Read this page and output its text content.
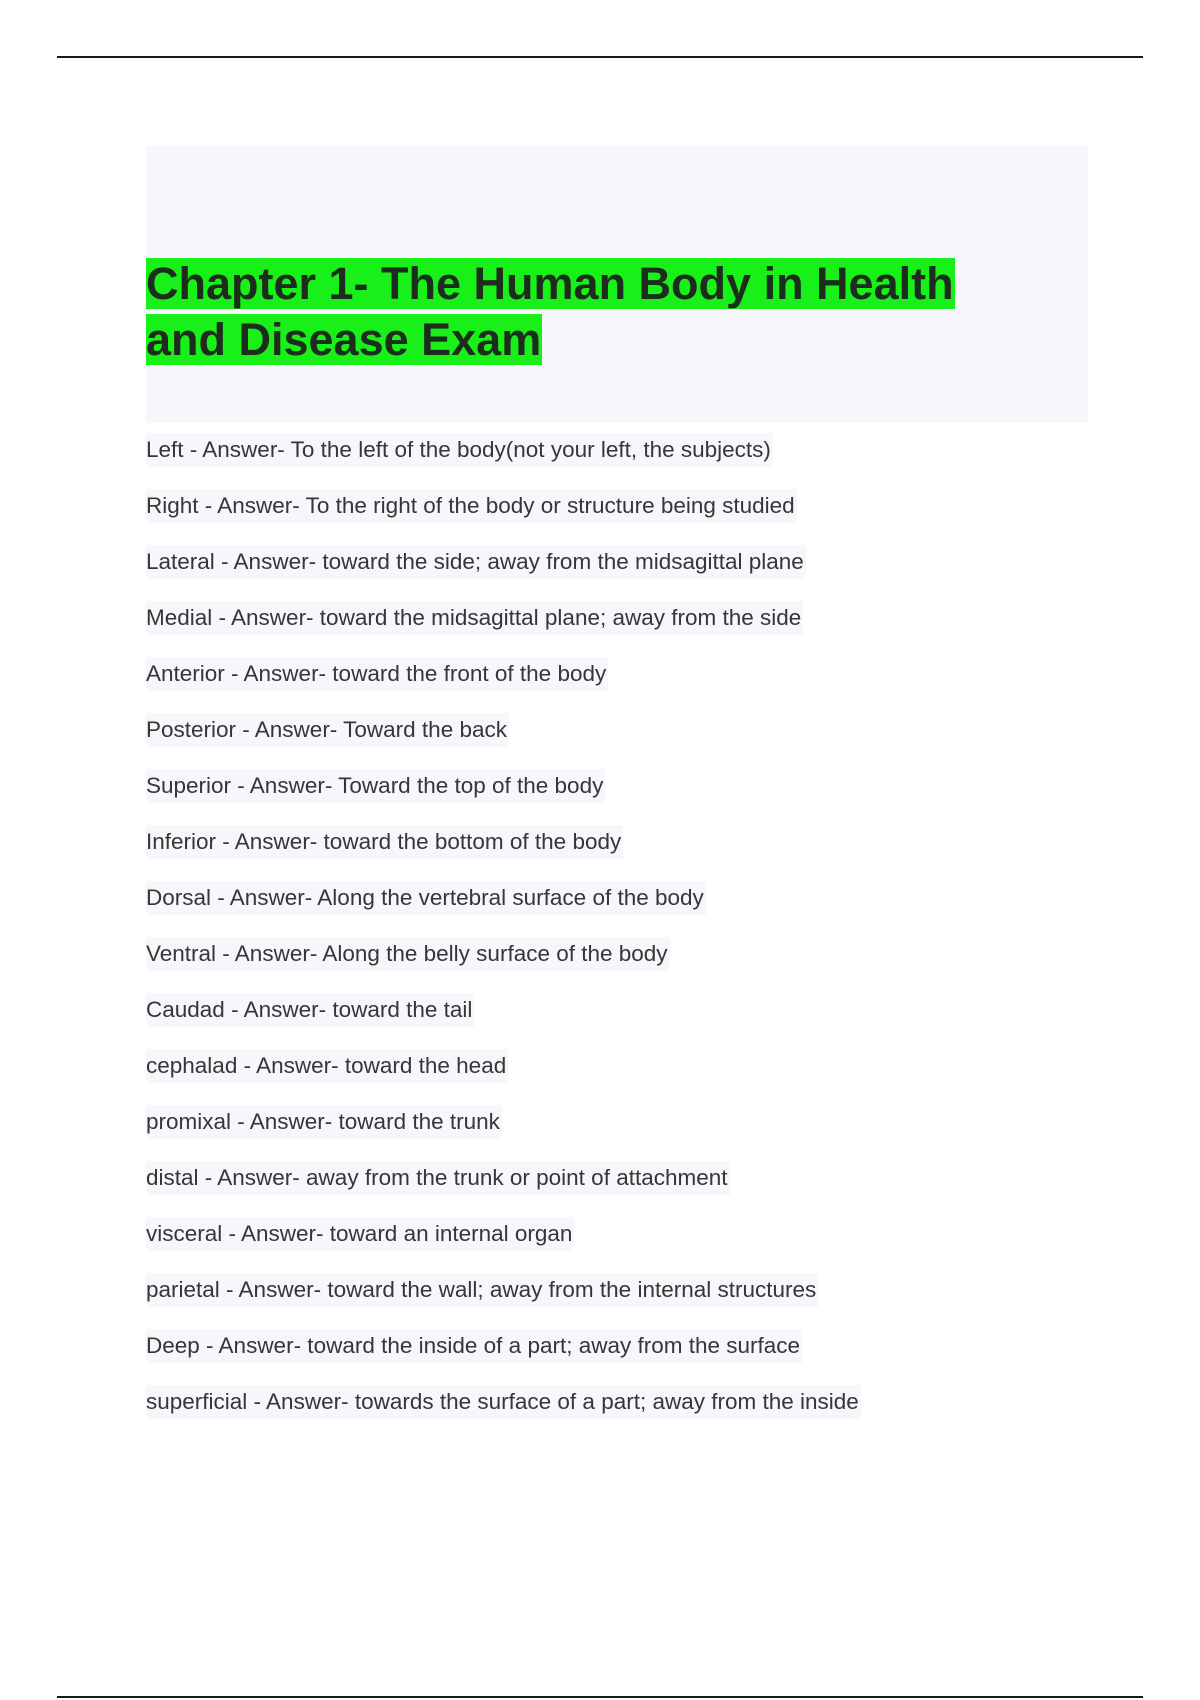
Chapter 1- The Human Body in Health and Disease Exam
Left - Answer- To the left of the body(not your left, the subjects)
Right - Answer- To the right of the body or structure being studied
Lateral - Answer- toward the side; away from the midsagittal plane
Medial - Answer- toward the midsagittal plane; away from the side
Anterior - Answer- toward the front of the body
Posterior - Answer- Toward the back
Superior - Answer- Toward the top of the body
Inferior - Answer- toward the bottom of the body
Dorsal - Answer- Along the vertebral surface of the body
Ventral - Answer- Along the belly surface of the body
Caudad - Answer- toward the tail
cephalad - Answer- toward the head
promixal - Answer- toward the trunk
distal - Answer- away from the trunk or point of attachment
visceral - Answer- toward an internal organ
parietal - Answer- toward the wall; away from the internal structures
Deep - Answer- toward the inside of a part; away from the surface
superficial - Answer- towards the surface of a part; away from the inside
